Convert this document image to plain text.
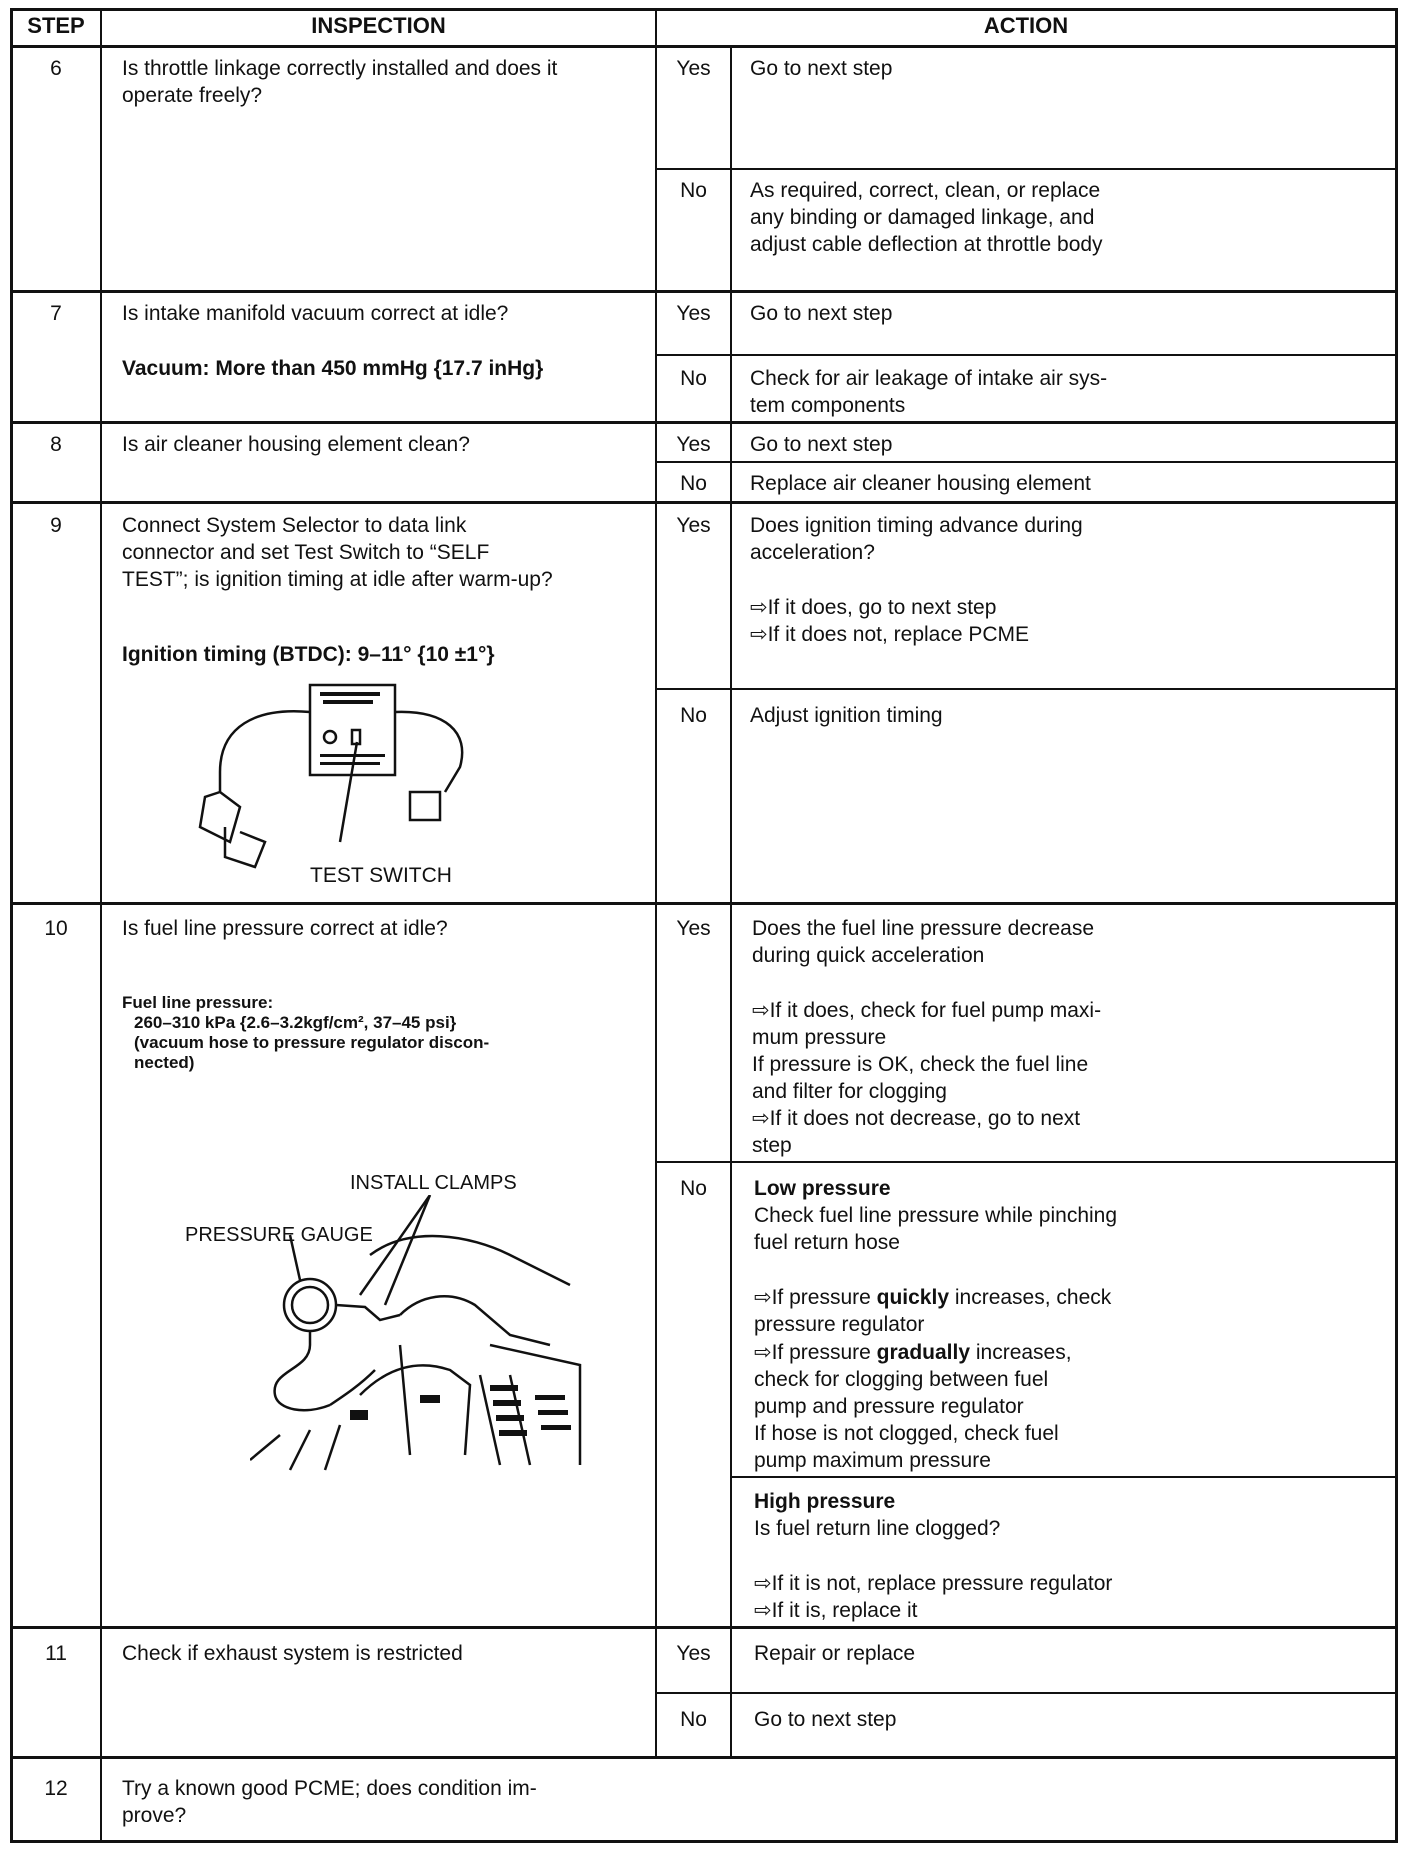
STEP	INSPECTION	ACTION
6	Is throttle linkage correctly installed and does it
operate freely?
Yes	Go to next step
No	As required, correct, clean, or replace
any binding or damaged linkage, and
adjust cable deflection at throttle body
7	Is intake manifold vacuum correct at idle?
Vacuum: More than 450 mmHg {17.7 inHg}
Yes	Go to next step
No	Check for air leakage of intake air sys-
tem components
8	Is air cleaner housing element clean?	Yes	Go to next step
No	Replace air cleaner housing element
9	Connect System Selector to data link
connector and set Test Switch to “SELF
TEST”; is ignition timing at idle after warm-up?
Ignition timing (BTDC): 9–11° {10 ±1°}
TEST SWITCH
Yes	Does ignition timing advance during
acceleration?
⇨If it does, go to next step
⇨If it does not, replace PCME
No	Adjust ignition timing
10	Is fuel line pressure correct at idle?
Fuel line pressure:
260–310 kPa {2.6–3.2kgf/cm², 37–45 psi}
(vacuum hose to pressure regulator discon-
nected)
INSTALL CLAMPS
PRESSURE GAUGE
Yes	Does the fuel line pressure decrease
during quick acceleration
⇨If it does, check for fuel pump maxi-
mum pressure
If pressure is OK, check the fuel line
and filter for clogging
⇨If it does not decrease, go to next
step
No	Low pressure
Check fuel line pressure while pinching
fuel return hose
⇨If pressure quickly increases, check
pressure regulator
⇨If pressure gradually increases,
check for clogging between fuel
pump and pressure regulator
If hose is not clogged, check fuel
pump maximum pressure
High pressure
Is fuel return line clogged?
⇨If it is not, replace pressure regulator
⇨If it is, replace it
11	Check if exhaust system is restricted	Yes	Repair or replace
No	Go to next step
12	Try a known good PCME; does condition im-
prove?
